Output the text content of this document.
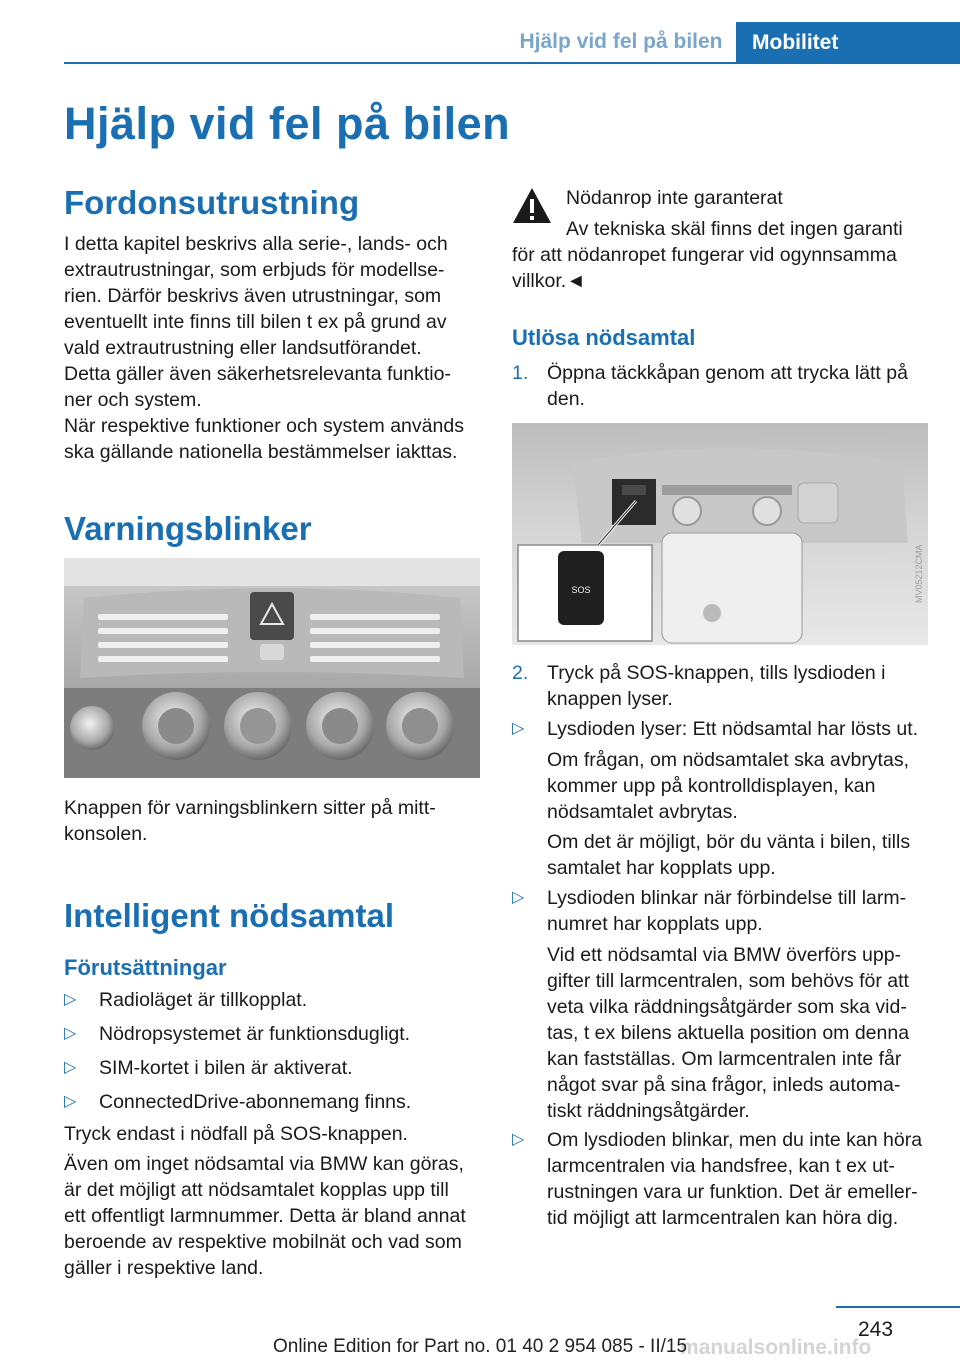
Hjälp vid fel på bilen	Mobilitet
Hjälp vid fel på bilen
Fordonsutrustning
I detta kapitel beskrivs alla serie-, lands- och
extrautrustningar, som erbjuds för modellse-
rien. Därför beskrivs även utrustningar, som
eventuellt inte finns till bilen t ex på grund av
vald extrautrustning eller landsutförandet.
Detta gäller även säkerhetsrelevanta funktio-
ner och system.
När respektive funktioner och system används
ska gällande nationella bestämmelser iakttas.
Varningsblinker
Knappen för varningsblinkern sitter på mitt-
konsolen.
Intelligent nödsamtal
Förutsättningar
▷ Radioläget är tillkopplat.
▷ Nödropsystemet är funktionsdugligt.
▷ SIM-kortet i bilen är aktiverat.
▷ ConnectedDrive-abonnemang finns.
Tryck endast i nödfall på SOS-knappen.
Även om inget nödsamtal via BMW kan göras,
är det möjligt att nödsamtalet kopplas upp till
ett offentligt larmnummer. Detta är bland annat
beroende av respektive mobilnät och vad som
gäller i respektive land.
Nödanrop inte garanterat
Av tekniska skäl finns det ingen garanti
för att nödanropet fungerar vid ogynnsamma
villkor.◄
Utlösa nödsamtal
1. Öppna täckkåpan genom att trycka lätt på
den.
SOS	MV05212CMA
2. Tryck på SOS-knappen, tills lysdioden i
knappen lyser.
▷ Lysdioden lyser: Ett nödsamtal har lösts ut.
Om frågan, om nödsamtalet ska avbrytas,
kommer upp på kontrolldisplayen, kan
nödsamtalet avbrytas.
Om det är möjligt, bör du vänta i bilen, tills
samtalet har kopplats upp.
▷ Lysdioden blinkar när förbindelse till larm-
numret har kopplats upp.
Vid ett nödsamtal via BMW överförs upp-
gifter till larmcentralen, som behövs för att
veta vilka räddningsåtgärder som ska vid-
tas, t ex bilens aktuella position om denna
kan fastställas. Om larmcentralen inte får
något svar på sina frågor, inleds automa-
tiskt räddningsåtgärder.
▷ Om lysdioden blinkar, men du inte kan höra
larmcentralen via handsfree, kan t ex ut-
rustningen vara ur funktion. Det är emeller-
tid möjligt att larmcentralen kan höra dig.
243
manualsonline.info
Online Edition for Part no. 01 40 2 954 085 - II/15
